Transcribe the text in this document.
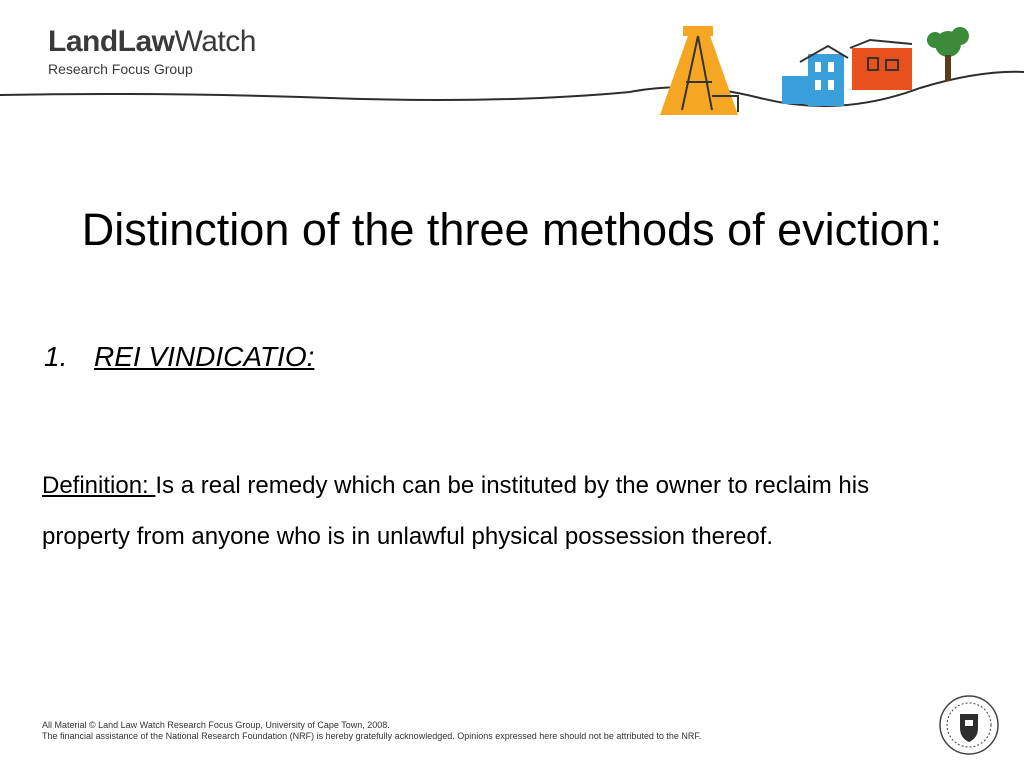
LandLawWatch
Research Focus Group
Distinction of the three methods of eviction:
1. REI VINDICATIO:
Definition: Is a real remedy which can be instituted by the owner to reclaim his property from anyone who is in unlawful physical possession thereof.
All Material © Land Law Watch Research Focus Group, University of Cape Town, 2008.
The financial assistance of the National Research Foundation (NRF) is hereby gratefully acknowledged. Opinions expressed here should not be attributed to the NRF.
